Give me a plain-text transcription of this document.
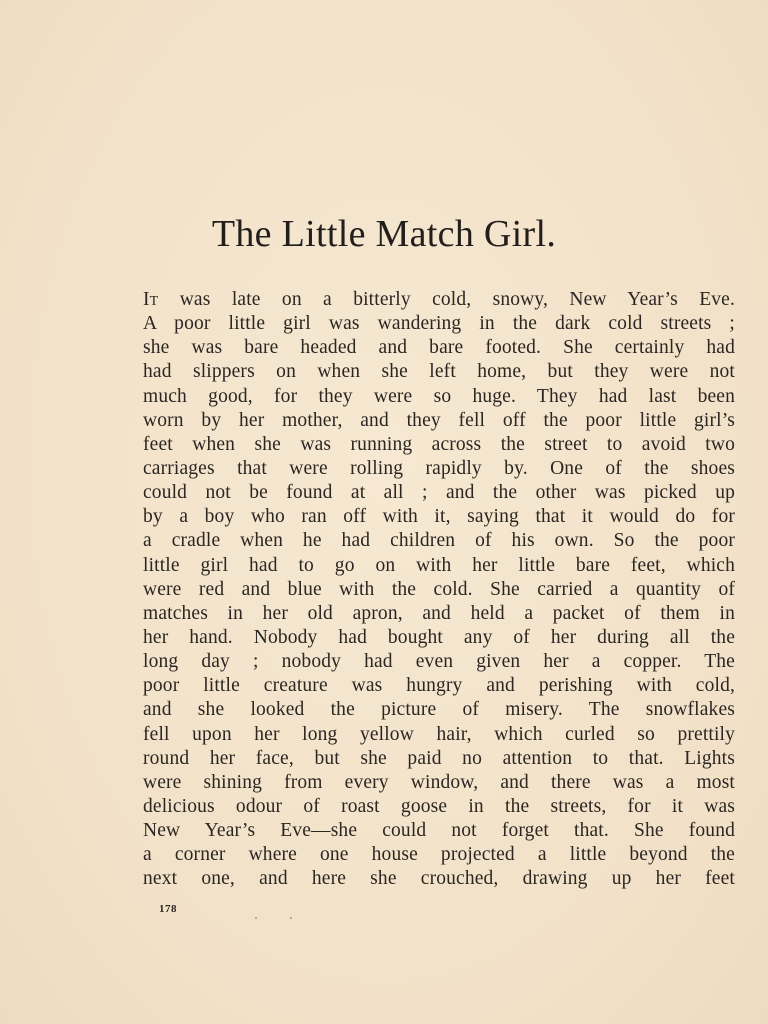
The Little Match Girl.
It was late on a bitterly cold, snowy, New Year’s Eve.
A poor little girl was wandering in the dark cold streets ;
she was bare headed and bare footed. She certainly had
had slippers on when she left home, but they were not
much good, for they were so huge. They had last been
worn by her mother, and they fell off the poor little girl’s
feet when she was running across the street to avoid two
carriages that were rolling rapidly by. One of the shoes
could not be found at all ; and the other was picked up
by a boy who ran off with it, saying that it would do for
a cradle when he had children of his own. So the poor
little girl had to go on with her little bare feet, which
were red and blue with the cold. She carried a quantity of
matches in her old apron, and held a packet of them in
her hand. Nobody had bought any of her during all the
long day ; nobody had even given her a copper. The
poor little creature was hungry and perishing with cold,
and she looked the picture of misery. The snowflakes
fell upon her long yellow hair, which curled so prettily
round her face, but she paid no attention to that. Lights
were shining from every window, and there was a most
delicious odour of roast goose in the streets, for it was
New Year’s Eve—she could not forget that. She found
a corner where one house projected a little beyond the
next one, and here she crouched, drawing up her feet
178
